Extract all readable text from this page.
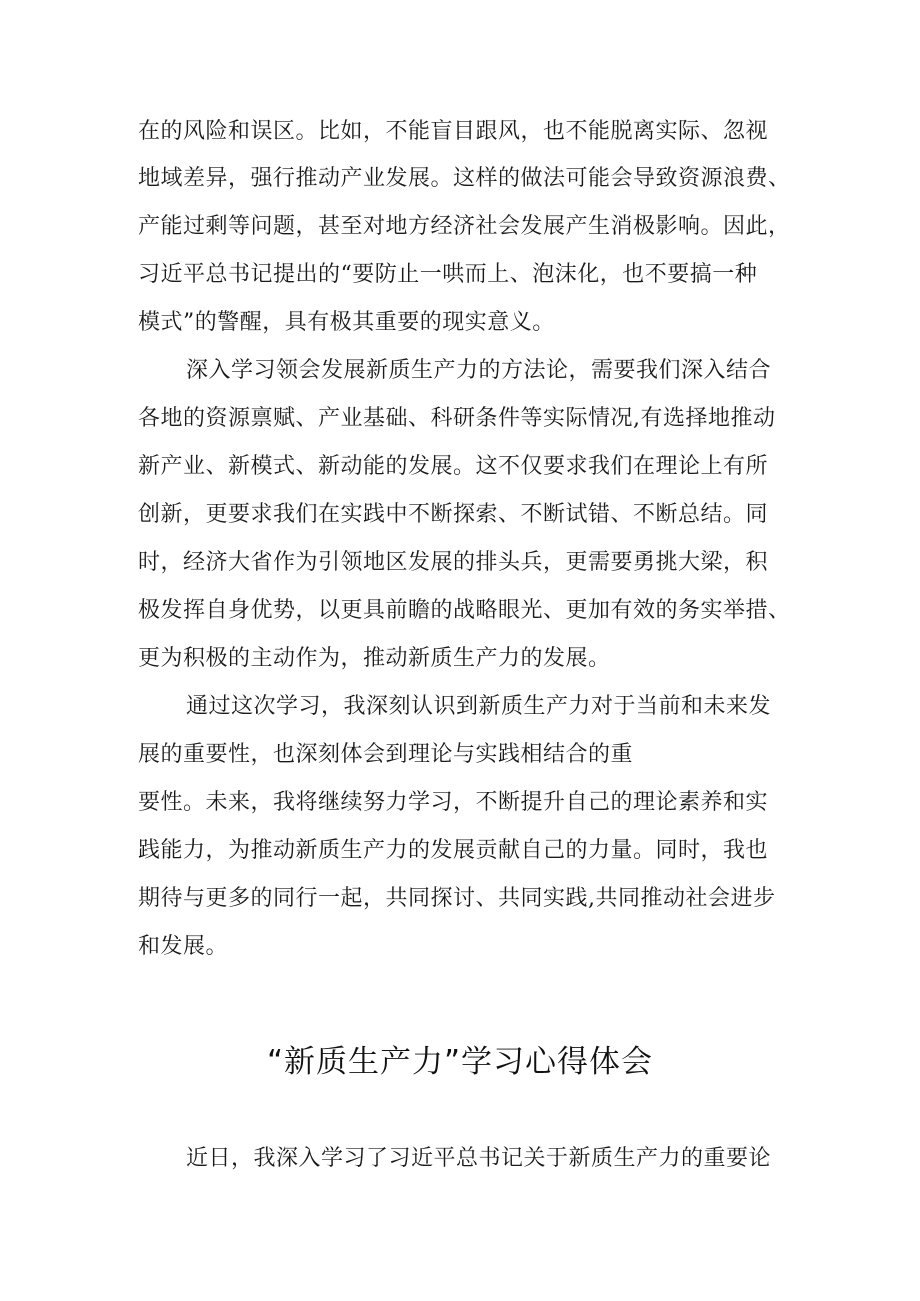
在的风险和误区。比如，不能盲目跟风，也不能脱离实际、忽视
地域差异，强行推动产业发展。这样的做法可能会导致资源浪费、
产能过剩等问题，甚至对地方经济社会发展产生消极影响。因此，
习近平总书记提出的“要防止一哄而上、泡沫化，也不要搞一种
模式”的警醒，具有极其重要的现实意义。
深入学习领会发展新质生产力的方法论，需要我们深入结合
各地的资源禀赋、产业基础、科研条件等实际情况,有选择地推动
新产业、新模式、新动能的发展。这不仅要求我们在理论上有所
创新，更要求我们在实践中不断探索、不断试错、不断总结。同
时，经济大省作为引领地区发展的排头兵，更需要勇挑大梁，积
极发挥自身优势，以更具前瞻的战略眼光、更加有效的务实举措、
更为积极的主动作为，推动新质生产力的发展。
通过这次学习，我深刻认识到新质生产力对于当前和未来发
展的重要性，也深刻体会到理论与实践相结合的重
要性。未来，我将继续努力学习，不断提升自己的理论素养和实
践能力，为推动新质生产力的发展贡献自己的力量。同时，我也
期待与更多的同行一起，共同探讨、共同实践,共同推动社会进步
和发展。
“新质生产力”学习心得体会
近日，我深入学习了习近平总书记关于新质生产力的重要论
